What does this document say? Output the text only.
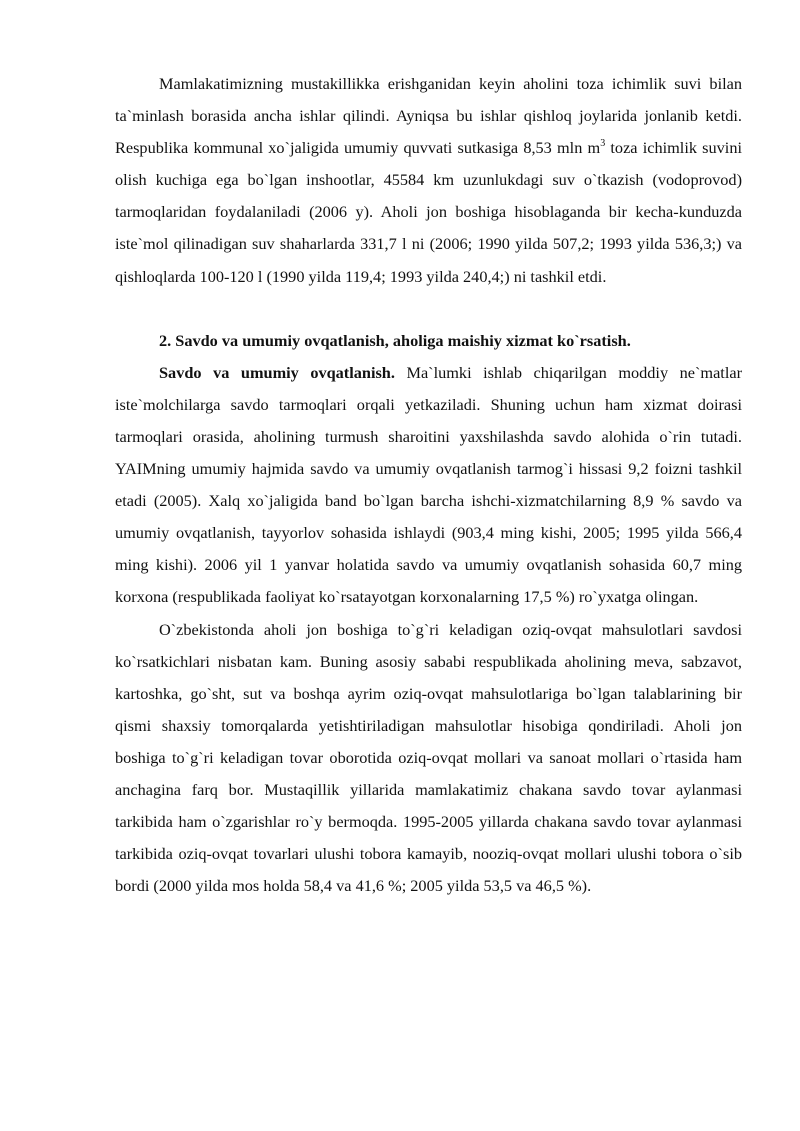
Mamlakatimizning mustakillikka erishganidan keyin aholini toza ichimlik suvi bilan ta`minlash borasida ancha ishlar qilindi. Ayniqsa bu ishlar qishloq joylarida jonlanib ketdi. Respublika kommunal xo`jaligida umumiy quvvati sutkasiga 8,53 mln $m^3$ toza ichimlik suvini olish kuchiga ega bo`lgan inshootlar, 45584 km uzunlukdagi suv o`tkazish (vodoprovod) tarmoqlaridan foydalaniladi (2006 y). Aholi jon boshiga hisoblaganda bir kecha-kunduzda iste`mol qilinadigan suv shaharlarda 331,7 l ni (2006; 1990 yilda 507,2; 1993 yilda 536,3;) va qishloqlarda 100-120 l (1990 yilda 119,4; 1993 yilda 240,4;) ni tashkil etdi.

2. Savdo va umumiy ovqatlanish, aholiga maishiy xizmat ko`rsatish.

Savdo va umumiy ovqatlanish. Ma`lumki ishlab chiqarilgan moddiy ne`matlar iste`molchilarga savdo tarmoqlari orqali yetkaziladi. Shuning uchun ham xizmat doirasi tarmoqlari orasida, aholining turmush sharoitini yaxshilashda savdo alohida o`rin tutadi. YAIMning umumiy hajmida savdo va umumiy ovqatlanish tarmog`i hissasi 9,2 foizni tashkil etadi (2005). Xalq xo`jaligida band bo`lgan barcha ishchi-xizmatchilarning 8,9 % savdo va umumiy ovqatlanish, tayyorlov sohasida ishlaydi (903,4 ming kishi, 2005; 1995 yilda 566,4 ming kishi). 2006 yil 1 yanvar holatida savdo va umumiy ovqatlanish sohasida 60,7 ming korxona (respublikada faoliyat ko`rsatayotgan korxonalarning 17,5 %) ro`yxatga olingan.

O`zbekistonda aholi jon boshiga to`g`ri keladigan oziq-ovqat mahsulotlari savdosi ko`rsatkichlari nisbatan kam. Buning asosiy sababi respublikada aholining meva, sabzavot, kartoshka, go`sht, sut va boshqa ayrim oziq-ovqat mahsulotlariga bo`lgan talablarining bir qismi shaxsiy tomorqalarda yetishtiriladigan mahsulotlar hisobiga qondiriladi. Aholi jon boshiga to`g`ri keladigan tovar oborotida oziq-ovqat mollari va sanoat mollari o`rtasida ham anchagina farq bor. Mustaqillik yillarida mamlakatimiz chakana savdo tovar aylanmasi tarkibida ham o`zgarishlar ro`y bermoqda. 1995-2005 yillarda chakana savdo tovar aylanmasi tarkibida oziq-ovqat tovarlari ulushi tobora kamayib, nooziq-ovqat mollari ulushi tobora o`sib bordi (2000 yilda mos holda 58,4 va 41,6 %; 2005 yilda 53,5 va 46,5 %).
